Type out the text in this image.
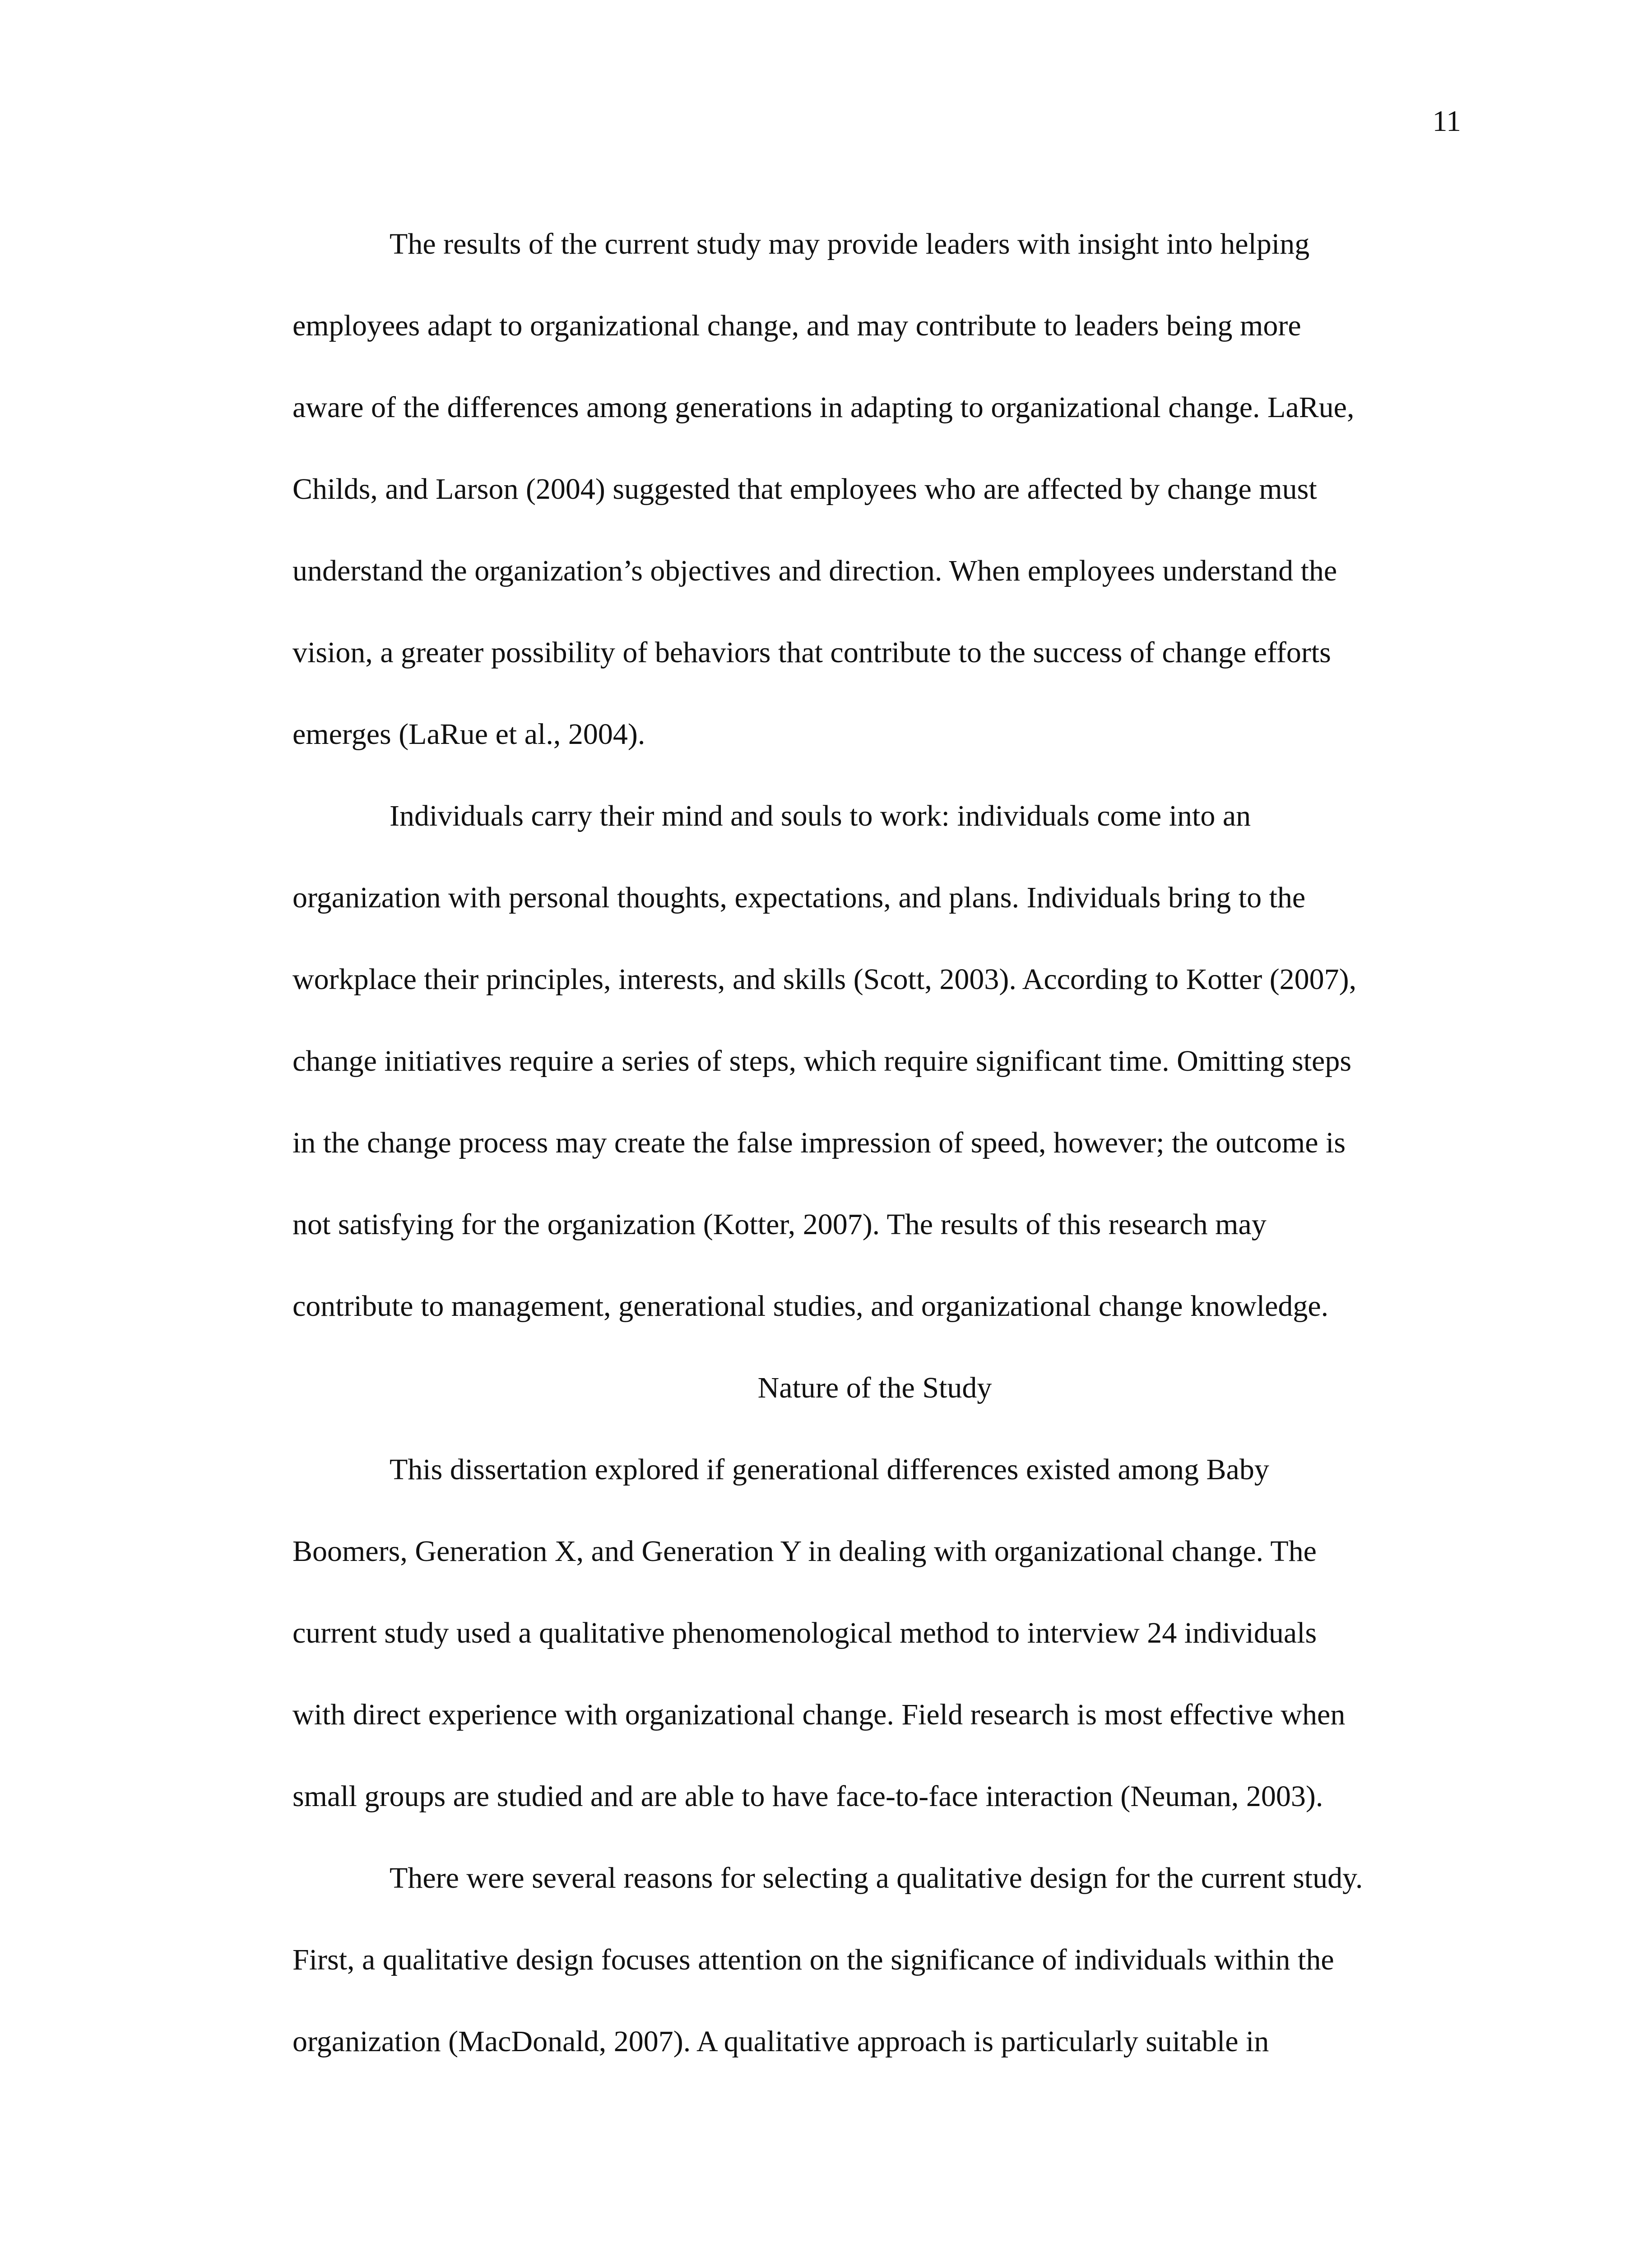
11
The results of the current study may provide leaders with insight into helping
employees adapt to organizational change, and may contribute to leaders being more
aware of the differences among generations in adapting to organizational change. LaRue,
Childs, and Larson (2004) suggested that employees who are affected by change must
understand the organization’s objectives and direction. When employees understand the
vision, a greater possibility of behaviors that contribute to the success of change efforts
emerges (LaRue et al., 2004).
Individuals carry their mind and souls to work: individuals come into an
organization with personal thoughts, expectations, and plans. Individuals bring to the
workplace their principles, interests, and skills (Scott, 2003). According to Kotter (2007),
change initiatives require a series of steps, which require significant time. Omitting steps
in the change process may create the false impression of speed, however; the outcome is
not satisfying for the organization (Kotter, 2007). The results of this research may
contribute to management, generational studies, and organizational change knowledge.
Nature of the Study
This dissertation explored if generational differences existed among Baby
Boomers, Generation X, and Generation Y in dealing with organizational change. The
current study used a qualitative phenomenological method to interview 24 individuals
with direct experience with organizational change. Field research is most effective when
small groups are studied and are able to have face-to-face interaction (Neuman, 2003).
There were several reasons for selecting a qualitative design for the current study.
First, a qualitative design focuses attention on the significance of individuals within the
organization (MacDonald, 2007). A qualitative approach is particularly suitable in
